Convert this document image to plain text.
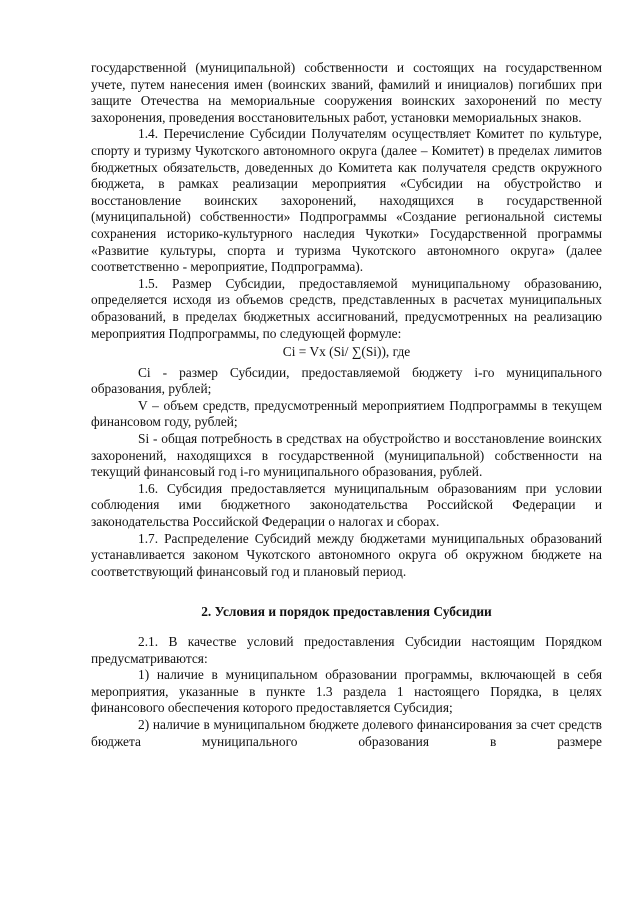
государственной (муниципальной) собственности и состоящих на государственном учете, путем нанесения имен (воинских званий, фамилий и инициалов) погибших при защите Отечества на мемориальные сооружения воинских захоронений по месту захоронения, проведения восстановительных работ, установки мемориальных знаков.

1.4. Перечисление Субсидии Получателям осуществляет Комитет по культуре, спорту и туризму Чукотского автономного округа (далее – Комитет) в пределах лимитов бюджетных обязательств, доведенных до Комитета как получателя средств окружного бюджета, в рамках реализации мероприятия «Субсидии на обустройство и восстановление воинских захоронений, находящихся в государственной (муниципальной) собственности» Подпрограммы «Создание региональной системы сохранения историко-культурного наследия Чукотки» Государственной программы «Развитие культуры, спорта и туризма Чукотского автономного округа» (далее соответственно - мероприятие, Подпрограмма).

1.5. Размер Субсидии, предоставляемой муниципальному образованию, определяется исходя из объемов средств, представленных в расчетах муниципальных образований, в пределах бюджетных ассигнований, предусмотренных на реализацию мероприятия Подпрограммы, по следующей формуле:

Ci = Vx (Si/ ∑(Si)), где

Ci - размер Субсидии, предоставляемой бюджету i-го муниципального образования, рублей;

V – объем средств, предусмотренный мероприятием Подпрограммы в текущем финансовом году, рублей;

Si - общая потребность в средствах на обустройство и восстановление воинских захоронений, находящихся в государственной (муниципальной) собственности на текущий финансовый год i-го муниципального образования, рублей.

1.6. Субсидия предоставляется муниципальным образованиям при условии соблюдения ими бюджетного законодательства Российской Федерации и законодательства Российской Федерации о налогах и сборах.

1.7. Распределение Субсидий между бюджетами муниципальных образований устанавливается законом Чукотского автономного округа об окружном бюджете на соответствующий финансовый год и плановый период.

2. Условия и порядок предоставления Субсидии

2.1. В качестве условий предоставления Субсидии настоящим Порядком предусматриваются:

1) наличие в муниципальном образовании программы, включающей в себя мероприятия, указанные в пункте 1.3 раздела 1 настоящего Порядка, в целях финансового обеспечения которого предоставляется Субсидия;

2) наличие в муниципальном бюджете долевого финансирования за счет средств бюджета муниципального образования в размере
